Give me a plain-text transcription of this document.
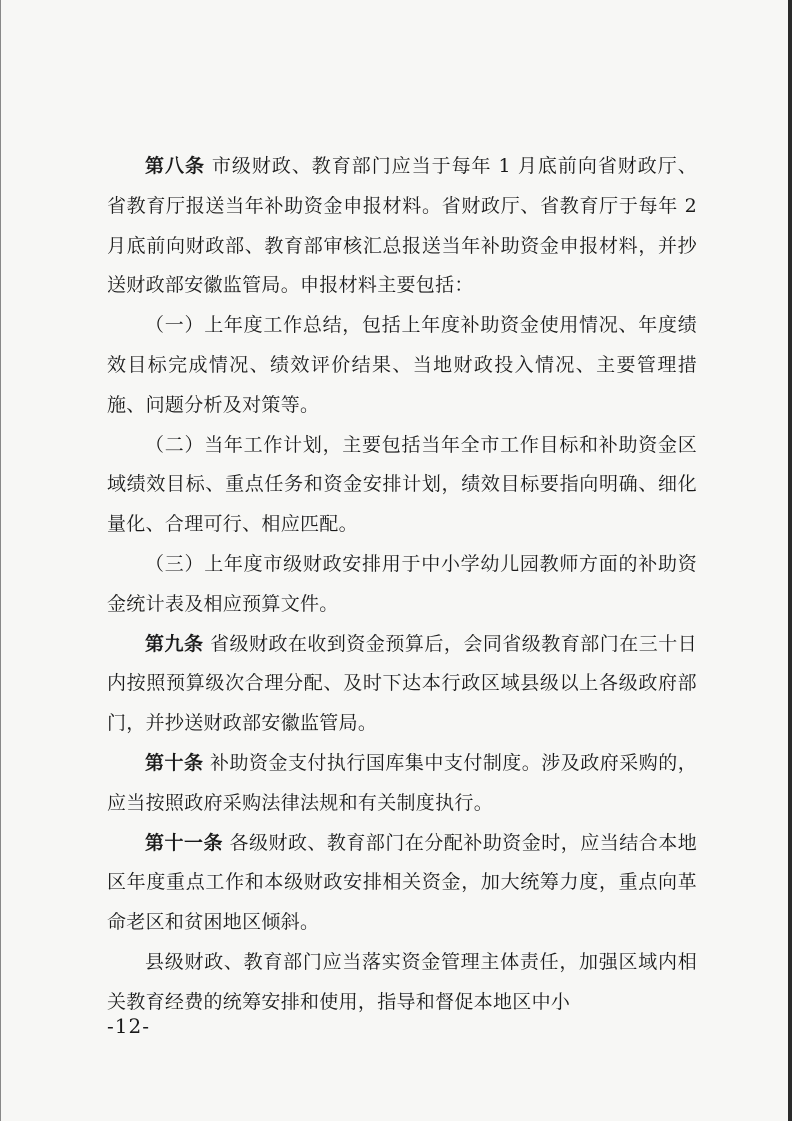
第八条 市级财政、教育部门应当于每年 1 月底前向省财政厅、省教育厅报送当年补助资金申报材料。省财政厅、省教育厅于每年 2 月底前向财政部、教育部审核汇总报送当年补助资金申报材料，并抄送财政部安徽监管局。申报材料主要包括：

（一）上年度工作总结，包括上年度补助资金使用情况、年度绩效目标完成情况、绩效评价结果、当地财政投入情况、主要管理措施、问题分析及对策等。

（二）当年工作计划，主要包括当年全市工作目标和补助资金区域绩效目标、重点任务和资金安排计划，绩效目标要指向明确、细化量化、合理可行、相应匹配。

（三）上年度市级财政安排用于中小学幼儿园教师方面的补助资金统计表及相应预算文件。

第九条 省级财政在收到资金预算后，会同省级教育部门在三十日内按照预算级次合理分配、及时下达本行政区域县级以上各级政府部门，并抄送财政部安徽监管局。

第十条 补助资金支付执行国库集中支付制度。涉及政府采购的，应当按照政府采购法律法规和有关制度执行。

第十一条 各级财政、教育部门在分配补助资金时，应当结合本地区年度重点工作和本级财政安排相关资金，加大统筹力度，重点向革命老区和贫困地区倾斜。

县级财政、教育部门应当落实资金管理主体责任，加强区域内相关教育经费的统筹安排和使用，指导和督促本地区中小

-12-
